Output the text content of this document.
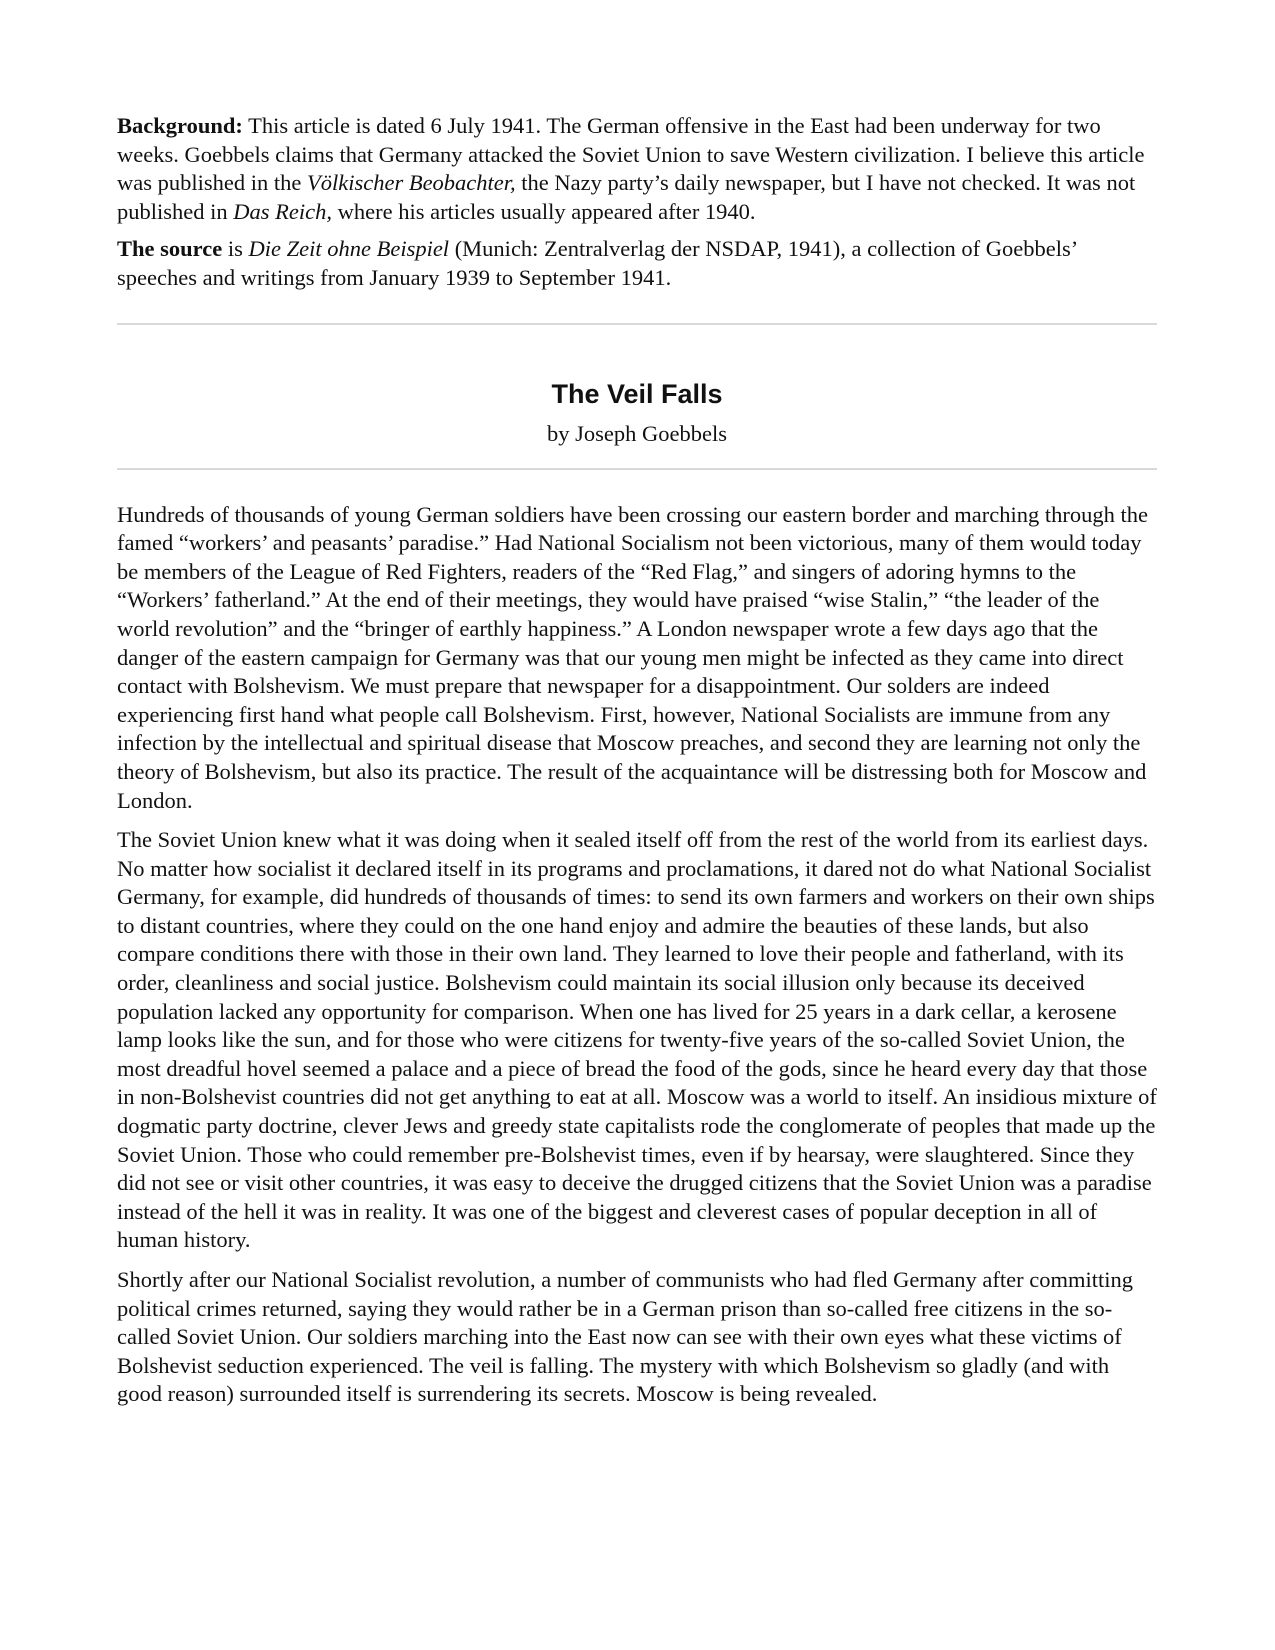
Background: This article is dated 6 July 1941. The German offensive in the East had been underway for two weeks. Goebbels claims that Germany attacked the Soviet Union to save Western civilization. I believe this article was published in the Völkischer Beobachter, the Nazy party’s daily newspaper, but I have not checked. It was not published in Das Reich, where his articles usually appeared after 1940.

The source is Die Zeit ohne Beispiel (Munich: Zentralverlag der NSDAP, 1941), a collection of Goebbels’ speeches and writings from January 1939 to September 1941.

The Veil Falls
by Joseph Goebbels

Hundreds of thousands of young German soldiers have been crossing our eastern border and marching through the famed “workers’ and peasants’ paradise.” Had National Socialism not been victorious, many of them would today be members of the League of Red Fighters, readers of the “Red Flag,” and singers of adoring hymns to the “Workers’ fatherland.” At the end of their meetings, they would have praised “wise Stalin,” “the leader of the world revolution” and the “bringer of earthly happiness.” A London newspaper wrote a few days ago that the danger of the eastern campaign for Germany was that our young men might be infected as they came into direct contact with Bolshevism. We must prepare that newspaper for a disappointment. Our solders are indeed experiencing first hand what people call Bolshevism. First, however, National Socialists are immune from any infection by the intellectual and spiritual disease that Moscow preaches, and second they are learning not only the theory of Bolshevism, but also its practice. The result of the acquaintance will be distressing both for Moscow and London.

The Soviet Union knew what it was doing when it sealed itself off from the rest of the world from its earliest days. No matter how socialist it declared itself in its programs and proclamations, it dared not do what National Socialist Germany, for example, did hundreds of thousands of times: to send its own farmers and workers on their own ships to distant countries, where they could on the one hand enjoy and admire the beauties of these lands, but also compare conditions there with those in their own land. They learned to love their people and fatherland, with its order, cleanliness and social justice. Bolshevism could maintain its social illusion only because its deceived population lacked any opportunity for comparison. When one has lived for 25 years in a dark cellar, a kerosene lamp looks like the sun, and for those who were citizens for twenty-five years of the so-called Soviet Union, the most dreadful hovel seemed a palace and a piece of bread the food of the gods, since he heard every day that those in non-Bolshevist countries did not get anything to eat at all. Moscow was a world to itself. An insidious mixture of dogmatic party doctrine, clever Jews and greedy state capitalists rode the conglomerate of peoples that made up the Soviet Union. Those who could remember pre-Bolshevist times, even if by hearsay, were slaughtered. Since they did not see or visit other countries, it was easy to deceive the drugged citizens that the Soviet Union was a paradise instead of the hell it was in reality. It was one of the biggest and cleverest cases of popular deception in all of human history.

Shortly after our National Socialist revolution, a number of communists who had fled Germany after committing political crimes returned, saying they would rather be in a German prison than so-called free citizens in the so-called Soviet Union. Our soldiers marching into the East now can see with their own eyes what these victims of Bolshevist seduction experienced. The veil is falling. The mystery with which Bolshevism so gladly (and with good reason) surrounded itself is surrendering its secrets. Moscow is being revealed.
